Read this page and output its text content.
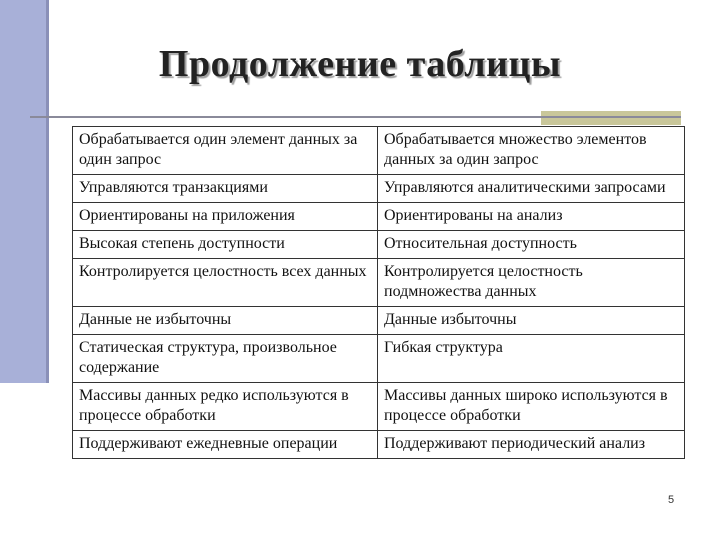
Продолжение таблицы
Обрабатывается один элемент данных за один запрос	Обрабатывается множество элементов данных за один запрос
Управляются транзакциями	Управляются аналитическими запросами
Ориентированы на приложения	Ориентированы на анализ
Высокая степень доступности	Относительная доступность
Контролируется целостность всех данных	Контролируется целостность подмножества данных
Данные не избыточны	Данные избыточны
Статическая структура, произвольное содержание	Гибкая структура
Массивы данных редко используются в процессе обработки	Массивы данных широко используются в процессе обработки
Поддерживают ежедневные операции	Поддерживают периодический анализ
5
